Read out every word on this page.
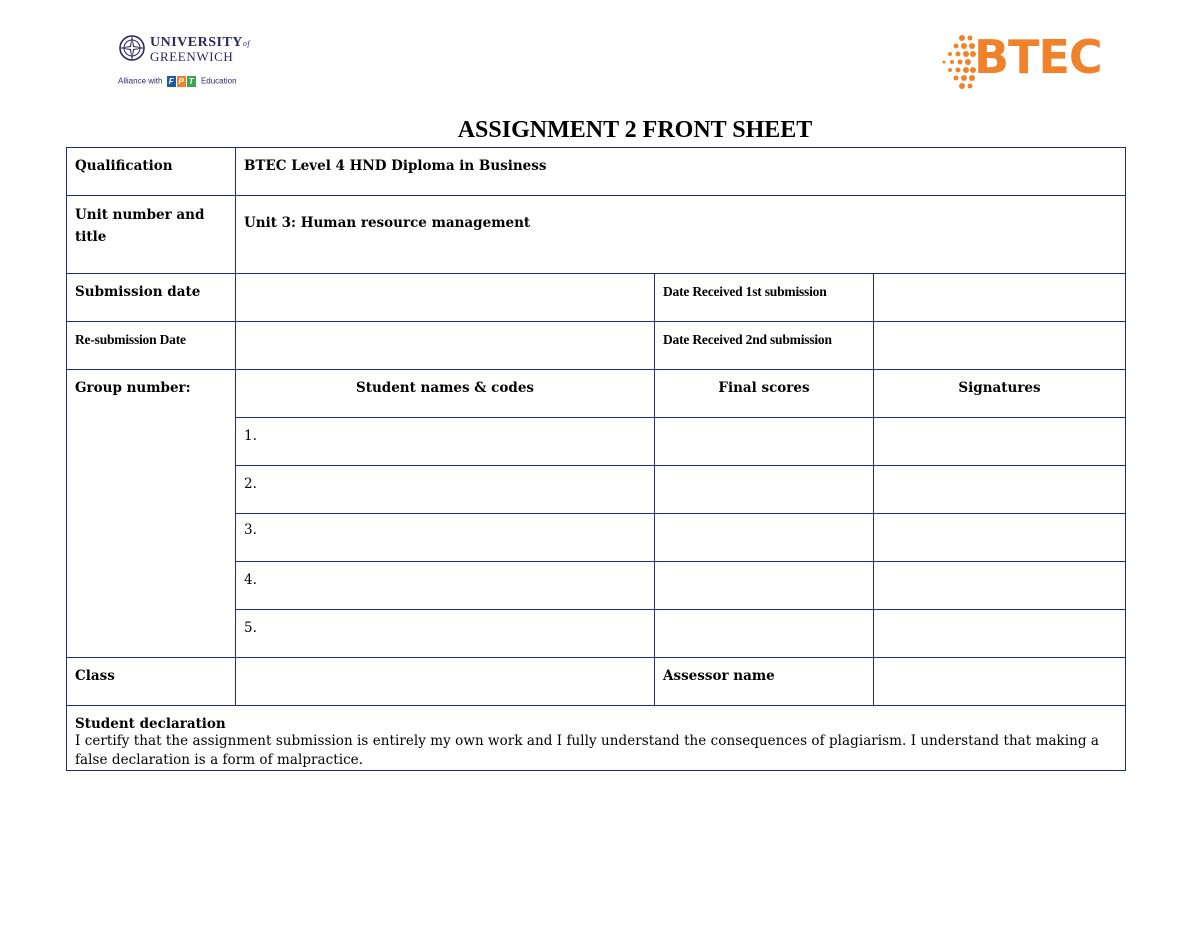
UNIVERSITYof
GREENWICH
Alliance with F P T Education	BTEC
ASSIGNMENT 2 FRONT SHEET
Qualification	BTEC Level 4 HND Diploma in Business		
Unit number and
title	Unit 3: Human resource management		
Submission date		Date Received 1st submission	
Re-submission Date		Date Received 2nd submission	
Group number:	Student names & codes	Final scores	Signatures
	1.		
	2.		
	3.		
	4.		
	5.		
Class		Assessor name	
Student declaration
I certify that the assignment submission is entirely my own work and I fully understand the consequences of plagiarism. I understand that making a false declaration is a form of malpractice.			
